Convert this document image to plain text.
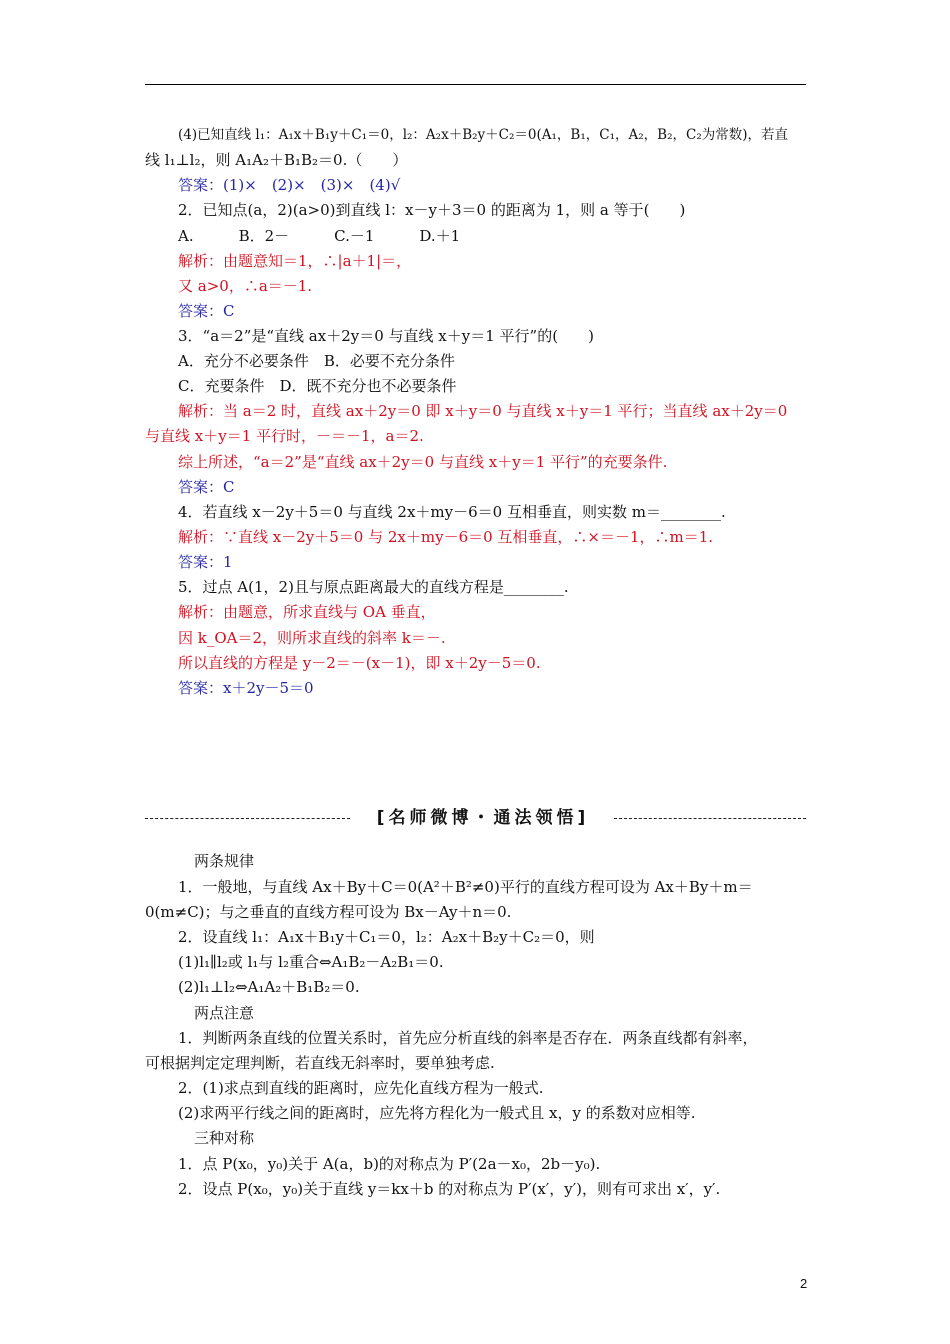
(4)已知直线 l₁：A₁x＋B₁y＋C₁＝0，l₂：A₂x＋B₂y＋C₂＝0(A₁，B₁，C₁，A₂，B₂，C₂为常数)，若直
线 l₁⊥l₂，则 A₁A₂＋B₁B₂＝0.（　　）
答案：(1)×　(2)×　(3)×　(4)√
2．已知点(a，2)(a>0)到直线 l：x－y＋3＝0 的距离为 1，则 a 等于(　　)
A.　　　B．2－　　　C.－1　　　D.＋1
解析：由题意知＝1，∴|a＋1|＝，
又 a>0，∴a＝－1.
答案：C
3．“a＝2”是“直线 ax＋2y＝0 与直线 x＋y＝1 平行”的(　　)
A．充分不必要条件　B．必要不充分条件
C．充要条件　D．既不充分也不必要条件
解析：当 a＝2 时，直线 ax＋2y＝0 即 x＋y＝0 与直线 x＋y＝1 平行；当直线 ax＋2y＝0
与直线 x＋y＝1 平行时，－＝－1，a＝2.
综上所述，“a＝2”是“直线 ax＋2y＝0 与直线 x＋y＝1 平行”的充要条件.
答案：C
4．若直线 x－2y＋5＝0 与直线 2x＋my－6＝0 互相垂直，则实数 m＝________.
解析：∵直线 x－2y＋5＝0 与 2x＋my－6＝0 互相垂直，∴×＝－1，∴m＝1.
答案：1
5．过点 A(1，2)且与原点距离最大的直线方程是________.
解析：由题意，所求直线与 OA 垂直，
因 k_OA＝2，则所求直线的斜率 k＝－.
所以直线的方程是 y－2＝－(x－1)，即 x＋2y－5＝0.
答案：x＋2y－5＝0
[名师微博・通法领悟]
两条规律
1．一般地，与直线 Ax＋By＋C＝0(A²＋B²≠0)平行的直线方程可设为 Ax＋By＋m＝
0(m≠C)；与之垂直的直线方程可设为 Bx－Ay＋n＝0.
2．设直线 l₁：A₁x＋B₁y＋C₁＝0，l₂：A₂x＋B₂y＋C₂＝0，则
(1)l₁∥l₂或 l₁与 l₂重合⇔A₁B₂－A₂B₁＝0.
(2)l₁⊥l₂⇔A₁A₂＋B₁B₂＝0.
两点注意
1．判断两条直线的位置关系时，首先应分析直线的斜率是否存在．两条直线都有斜率，
可根据判定定理判断，若直线无斜率时，要单独考虑.
2．(1)求点到直线的距离时，应先化直线方程为一般式.
(2)求两平行线之间的距离时，应先将方程化为一般式且 x，y 的系数对应相等.
三种对称
1．点 P(x₀，y₀)关于 A(a，b)的对称点为 P′(2a－x₀，2b－y₀).
2．设点 P(x₀，y₀)关于直线 y＝kx＋b 的对称点为 P′(x′，y′)，则有可求出 x′，y′.
2
